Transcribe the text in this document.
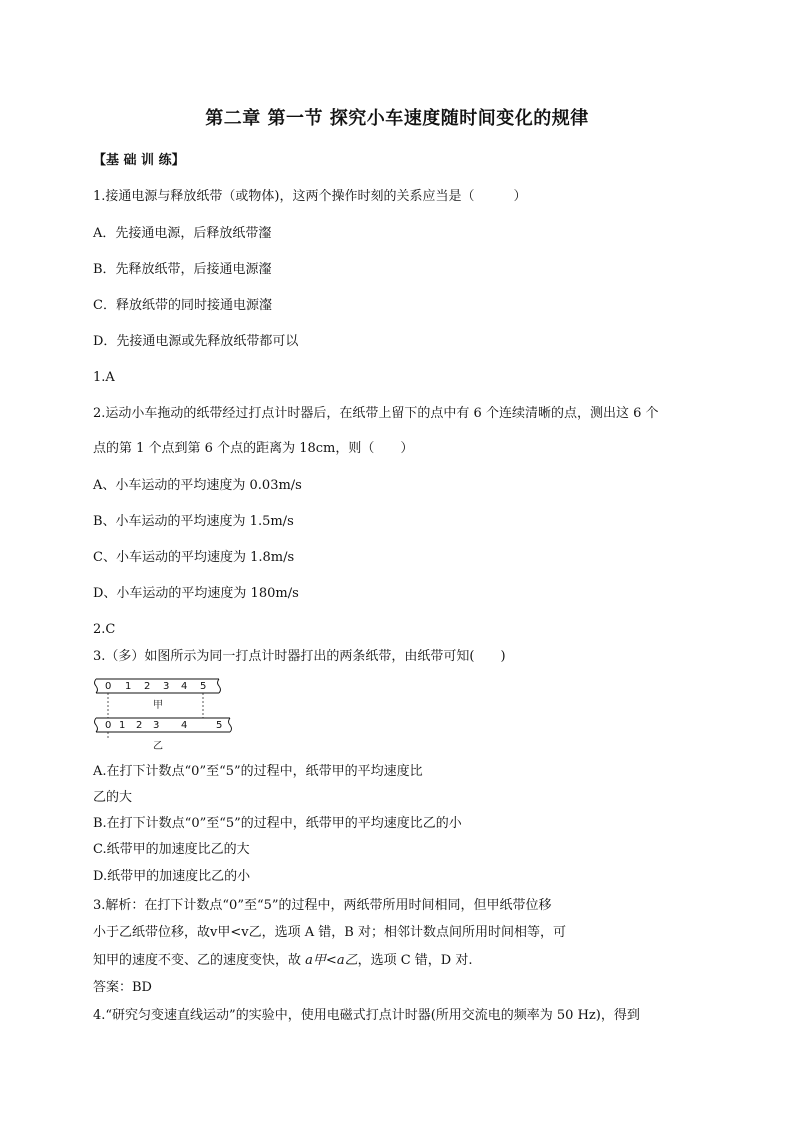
第二章 第一节 探究小车速度随时间变化的规律
【基 础 训 练】
1.接通电源与释放纸带（或物体)，这两个操作时刻的关系应当是（　　　）
A．先接通电源，后释放纸带瀣
B．先释放纸带，后接通电源瀣
C．释放纸带的同时接通电源瀣
D．先接通电源或先释放纸带都可以
1.A
2.运动小车拖动的纸带经过打点计时器后，在纸带上留下的点中有 6 个连续清晰的点，测出这 6 个
点的第 1 个点到第 6 个点的距离为 18cm，则（　　）
A、小车运动的平均速度为 0.03m/s
B、小车运动的平均速度为 1.5m/s
C、小车运动的平均速度为 1.8m/s
D、小车运动的平均速度为 180m/s
2.C
3.（多）如图所示为同一打点计时器打出的两条纸带，由纸带可知(　　)
0 1 2 3 4 5
甲
0 1 2 3 4	5
乙
A.在打下计数点“0”至“5”的过程中，纸带甲的平均速度比
乙的大
B.在打下计数点“0”至“5”的过程中，纸带甲的平均速度比乙的小
C.纸带甲的加速度比乙的大
D.纸带甲的加速度比乙的小
3.解析：在打下计数点“0”至“5”的过程中，两纸带所用时间相同，但甲纸带位移
小于乙纸带位移，故v甲<v乙，选项 A 错，B 对；相邻计数点间所用时间相等，可
知甲的速度不变、乙的速度变快，故 a甲<a乙，选项 C 错，D 对.
答案：BD
4.“研究匀变速直线运动”的实验中，使用电磁式打点计时器(所用交流电的频率为 50 Hz)，得到
